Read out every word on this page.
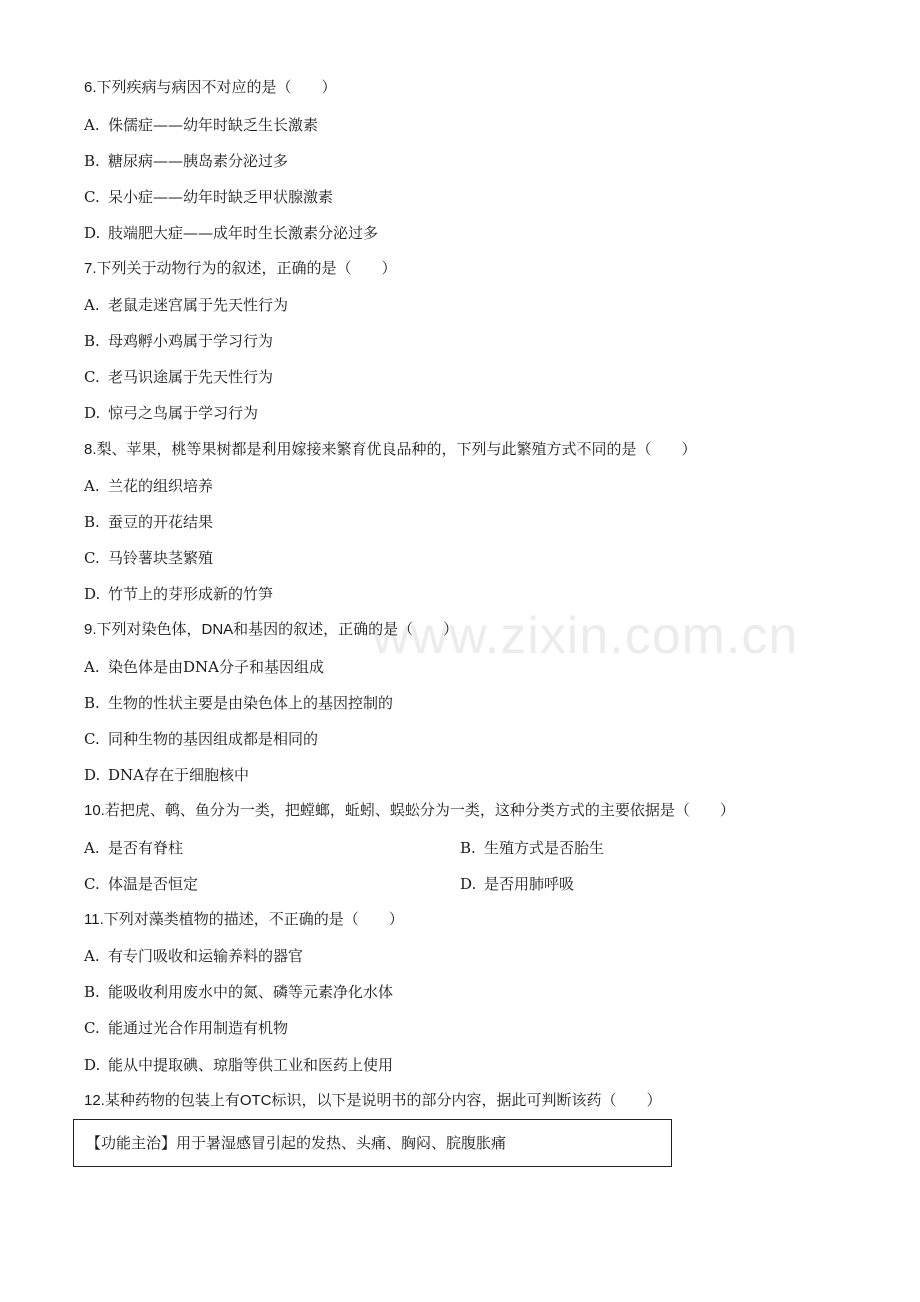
www.zixin.com.cn
6.下列疾病与病因不对应的是（　　）
A. 侏儒症——幼年时缺乏生长激素
B. 糖尿病——胰岛素分泌过多
C. 呆小症——幼年时缺乏甲状腺激素
D. 肢端肥大症——成年时生长激素分泌过多
7.下列关于动物行为的叙述，正确的是（　　）
A. 老鼠走迷宫属于先天性行为
B. 母鸡孵小鸡属于学习行为
C. 老马识途属于先天性行为
D. 惊弓之鸟属于学习行为
8.梨、苹果，桃等果树都是利用嫁接来繁育优良品种的，下列与此繁殖方式不同的是（　　）
A. 兰花的组织培养
B. 蚕豆的开花结果
C. 马铃薯块茎繁殖
D. 竹节上的芽形成新的竹笋
9.下列对染色体，DNA和基因的叙述，正确的是（　　）
A. 染色体是由DNA分子和基因组成
B. 生物的性状主要是由染色体上的基因控制的
C. 同种生物的基因组成都是相同的
D. DNA存在于细胞核中
10.若把虎、鹌、鱼分为一类，把螳螂，蚯蚓、蜈蚣分为一类，这种分类方式的主要依据是（　　）
A. 是否有脊柱	B. 生殖方式是否胎生
C. 体温是否恒定	D. 是否用肺呼吸
11.下列对藻类植物的描述，不正确的是（　　）
A. 有专门吸收和运输养料的器官
B. 能吸收利用废水中的氮、磷等元素净化水体
C. 能通过光合作用制造有机物
D. 能从中提取碘、琼脂等供工业和医药上使用
12.某种药物的包装上有OTC标识，以下是说明书的部分内容，据此可判断该药（　　）
【功能主治】用于暑湿感冒引起的发热、头痛、胸闷、脘腹胀痛
